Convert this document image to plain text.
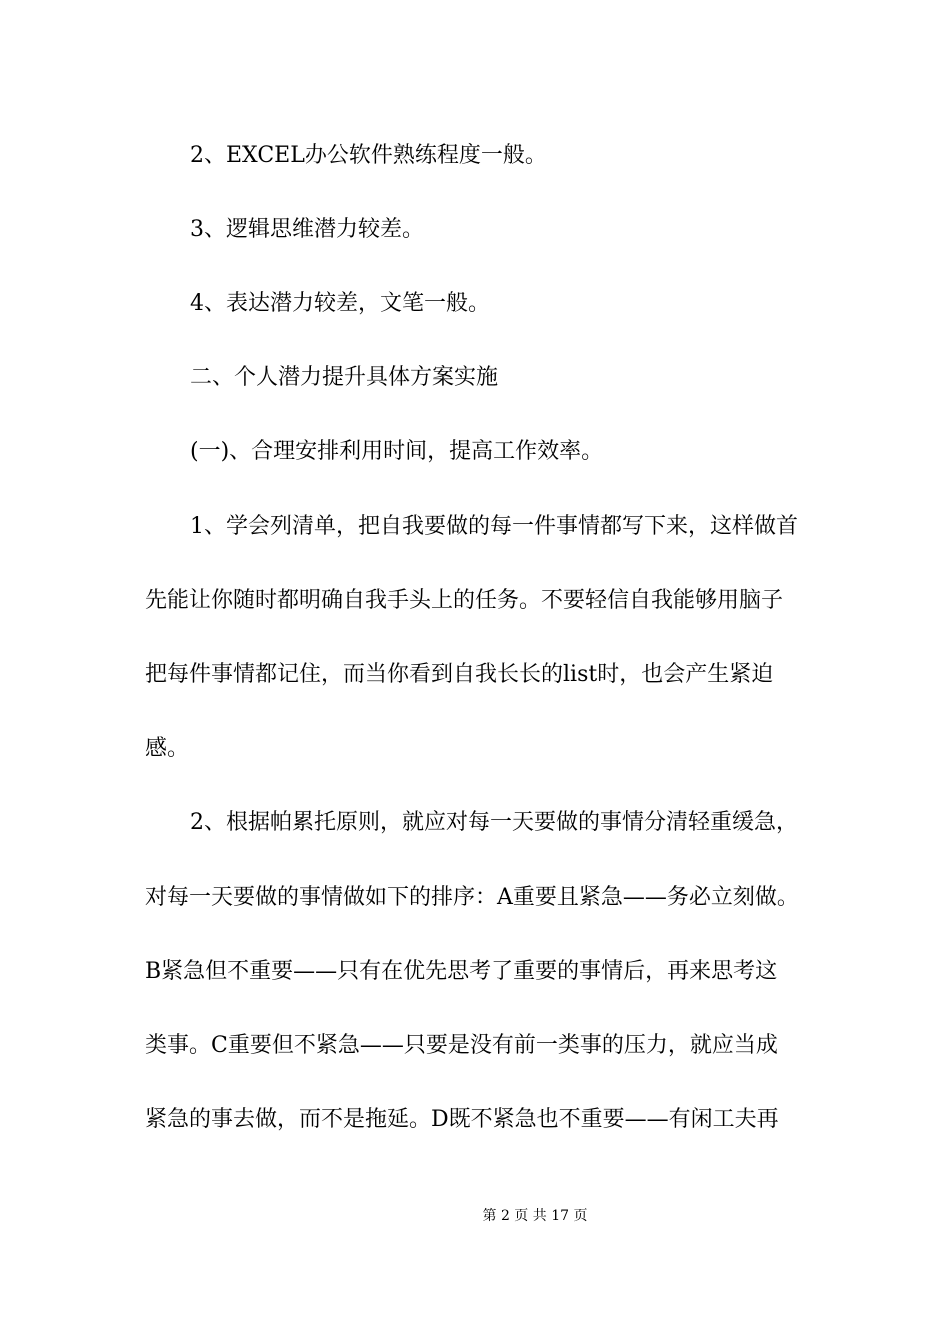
2、EXCEL办公软件熟练程度一般。
3、逻辑思维潜力较差。
4、表达潜力较差，文笔一般。
二、个人潜力提升具体方案实施
(一)、合理安排利用时间，提高工作效率。
1、学会列清单，把自我要做的每一件事情都写下来，这样做首
先能让你随时都明确自我手头上的任务。不要轻信自我能够用脑子
把每件事情都记住，而当你看到自我长长的list时，也会产生紧迫
感。
2、根据帕累托原则，就应对每一天要做的事情分清轻重缓急，
对每一天要做的事情做如下的排序：A重要且紧急——务必立刻做。
B紧急但不重要——只有在优先思考了重要的事情后，再来思考这
类事。C重要但不紧急——只要是没有前一类事的压力，就应当成
紧急的事去做，而不是拖延。D既不紧急也不重要——有闲工夫再
第 2 页 共 17 页
